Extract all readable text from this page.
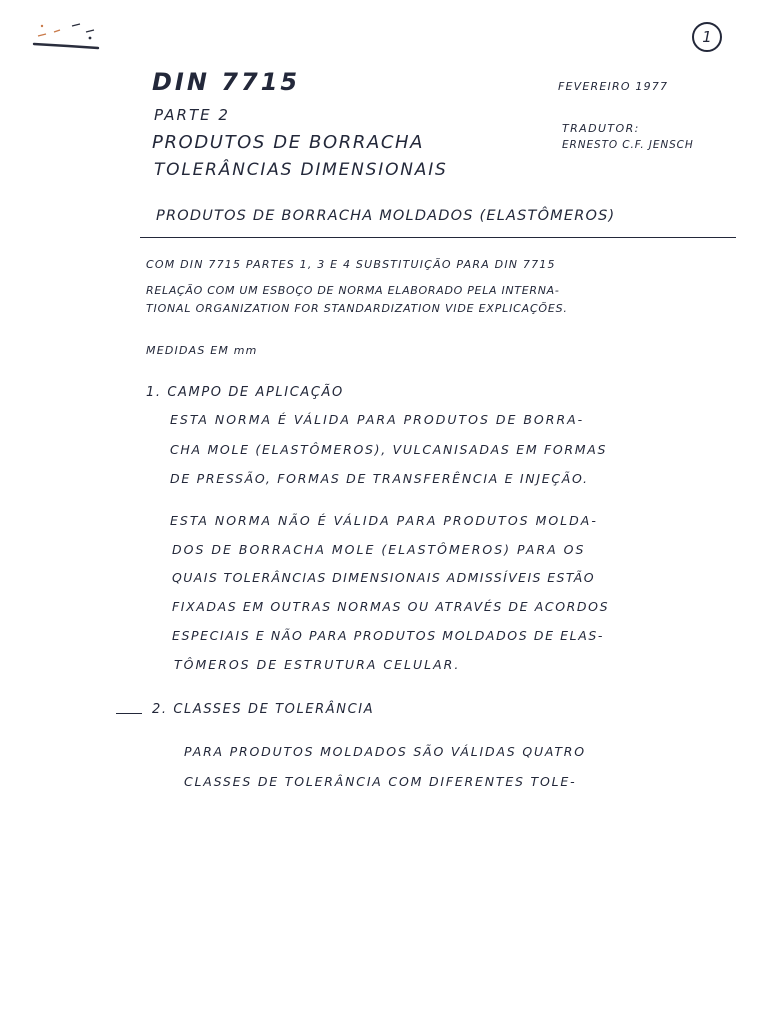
1
DIN 7715
PARTE 2
PRODUTOS DE BORRACHA
TOLERÂNCIAS DIMENSIONAIS
FEVEREIRO 1977
TRADUTOR:
ERNESTO C.F. JENSCH
PRODUTOS DE BORRACHA MOLDADOS (ELASTÔMEROS)
COM DIN 7715 PARTES 1, 3 E 4 SUBSTITUIÇÃO PARA DIN 7715
RELAÇÃO COM UM ESBOÇO DE NORMA ELABORADO PELA INTERNA-
TIONAL ORGANIZATION FOR STANDARDIZATION VIDE EXPLICAÇÕES.
MEDIDAS EM mm
1. CAMPO DE APLICAÇÃO
ESTA NORMA É VÁLIDA PARA PRODUTOS DE BORRA-
CHA MOLE (ELASTÔMEROS), VULCANISADAS EM FORMAS
DE PRESSÃO, FORMAS DE TRANSFERÊNCIA E INJEÇÃO.
ESTA NORMA NÃO É VÁLIDA PARA PRODUTOS MOLDA-
DOS DE BORRACHA MOLE (ELASTÔMEROS) PARA OS
QUAIS TOLERÂNCIAS DIMENSIONAIS ADMISSÍVEIS ESTÃO
FIXADAS EM OUTRAS NORMAS OU ATRAVÉS DE ACORDOS
ESPECIAIS E NÃO PARA PRODUTOS MOLDADOS DE ELAS-
TÔMEROS DE ESTRUTURA CELULAR.
2. CLASSES DE TOLERÂNCIA
PARA PRODUTOS MOLDADOS SÃO VÁLIDAS QUATRO
CLASSES DE TOLERÂNCIA COM DIFERENTES TOLE-
